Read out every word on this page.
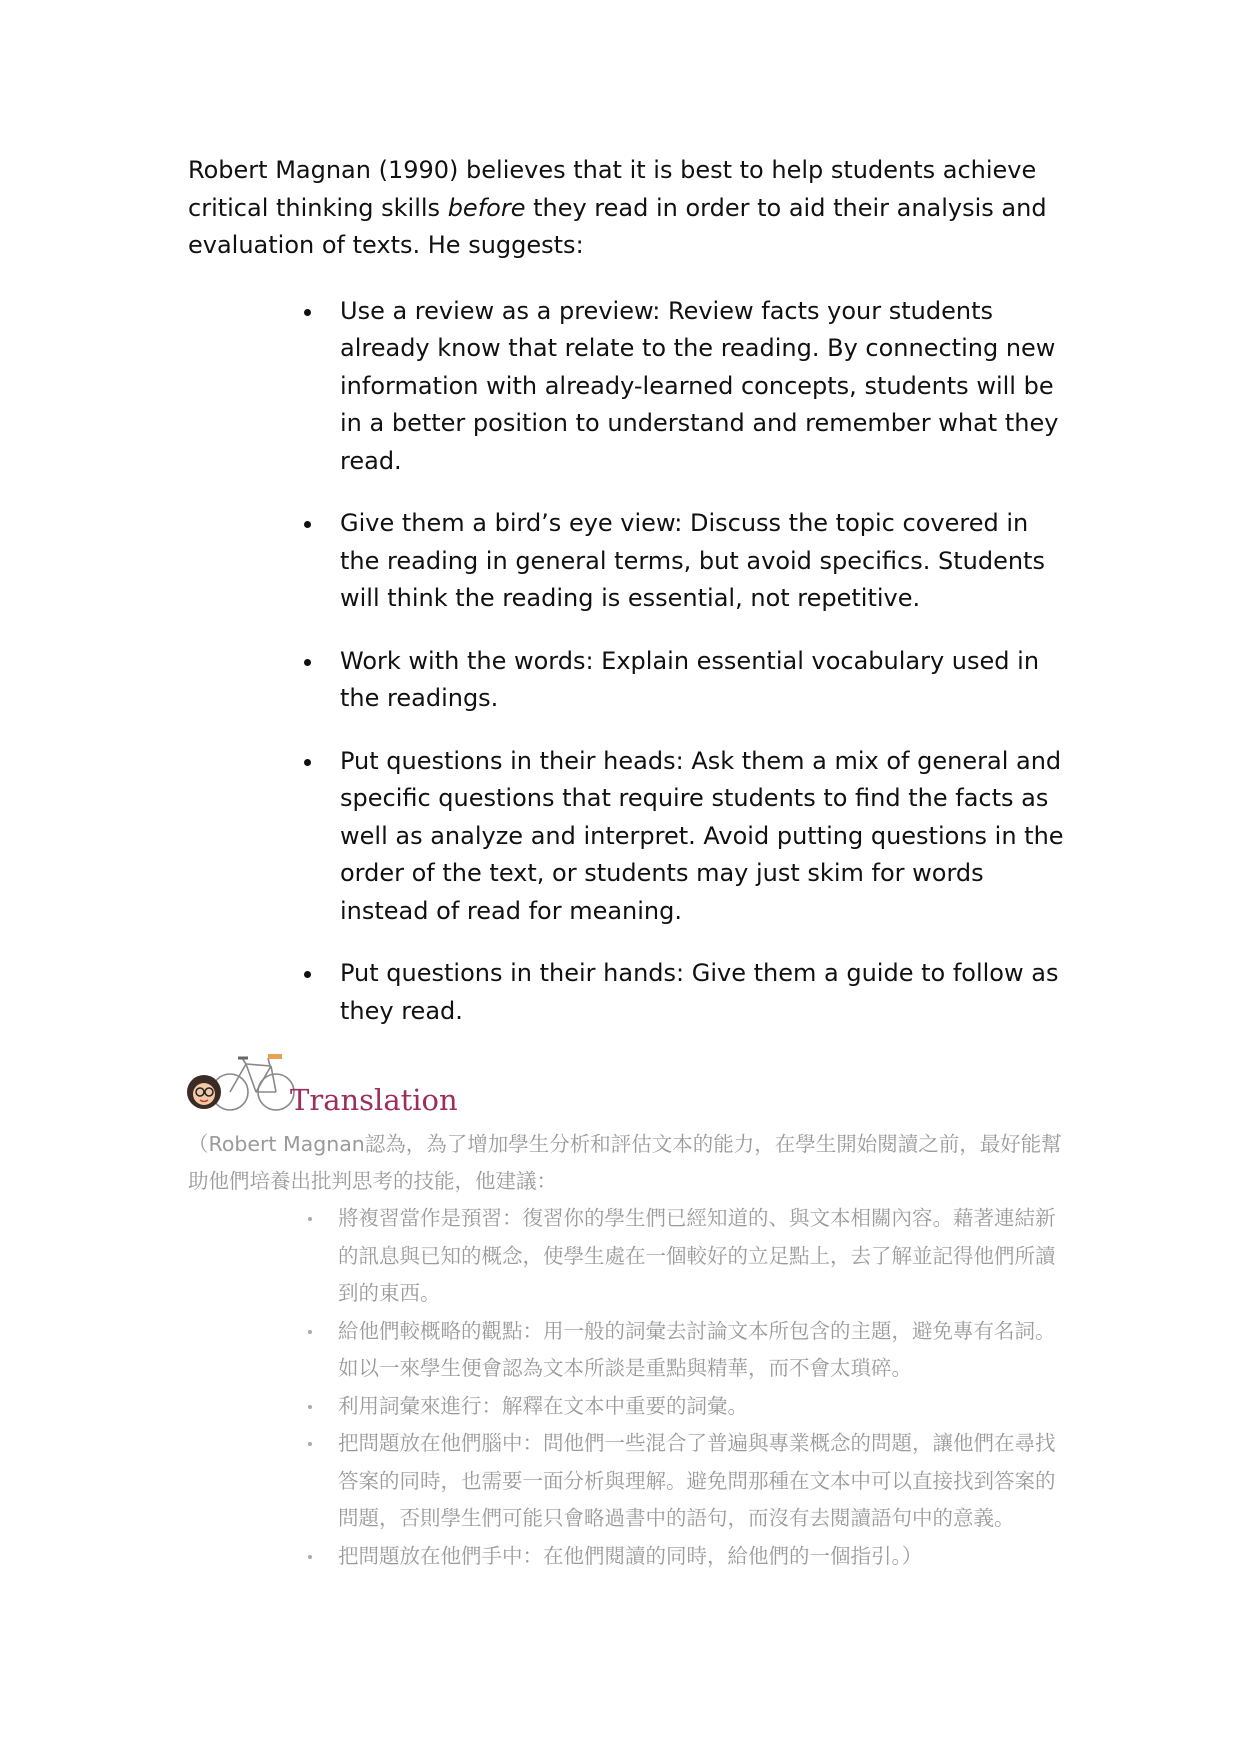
Robert Magnan (1990) believes that it is best to help students achieve critical thinking skills before they read in order to aid their analysis and evaluation of texts. He suggests:

Use a review as a preview: Review facts your students already know that relate to the reading. By connecting new information with already-learned concepts, students will be in a better position to understand and remember what they read.
Give them a bird’s eye view: Discuss the topic covered in the reading in general terms, but avoid specifics. Students will think the reading is essential, not repetitive.
Work with the words: Explain essential vocabulary used in the readings.
Put questions in their heads: Ask them a mix of general and specific questions that require students to find the facts as well as analyze and interpret. Avoid putting questions in the order of the text, or students may just skim for words instead of read for meaning.
Put questions in their hands: Give them a guide to follow as they read.
Translation

（Robert Magnan認為，為了增加學生分析和評估文本的能力，在學生開始閱讀之前，最好能幫助他們培養出批判思考的技能，他建議：

將複習當作是預習：復習你的學生們已經知道的、與文本相關內容。藉著連結新的訊息與已知的概念，使學生處在一個較好的立足點上，去了解並記得他們所讀到的東西。
給他們較概略的觀點：用一般的詞彙去討論文本所包含的主題，避免專有名詞。如以一來學生便會認為文本所談是重點與精華，而不會太瑣碎。
利用詞彙來進行：解釋在文本中重要的詞彙。
把問題放在他們腦中：問他們一些混合了普遍與專業概念的問題，讓他們在尋找答案的同時，也需要一面分析與理解。避免問那種在文本中可以直接找到答案的問題，否則學生們可能只會略過書中的語句，而沒有去閱讀語句中的意義。
把問題放在他們手中：在他們閱讀的同時，給他們的一個指引。）
